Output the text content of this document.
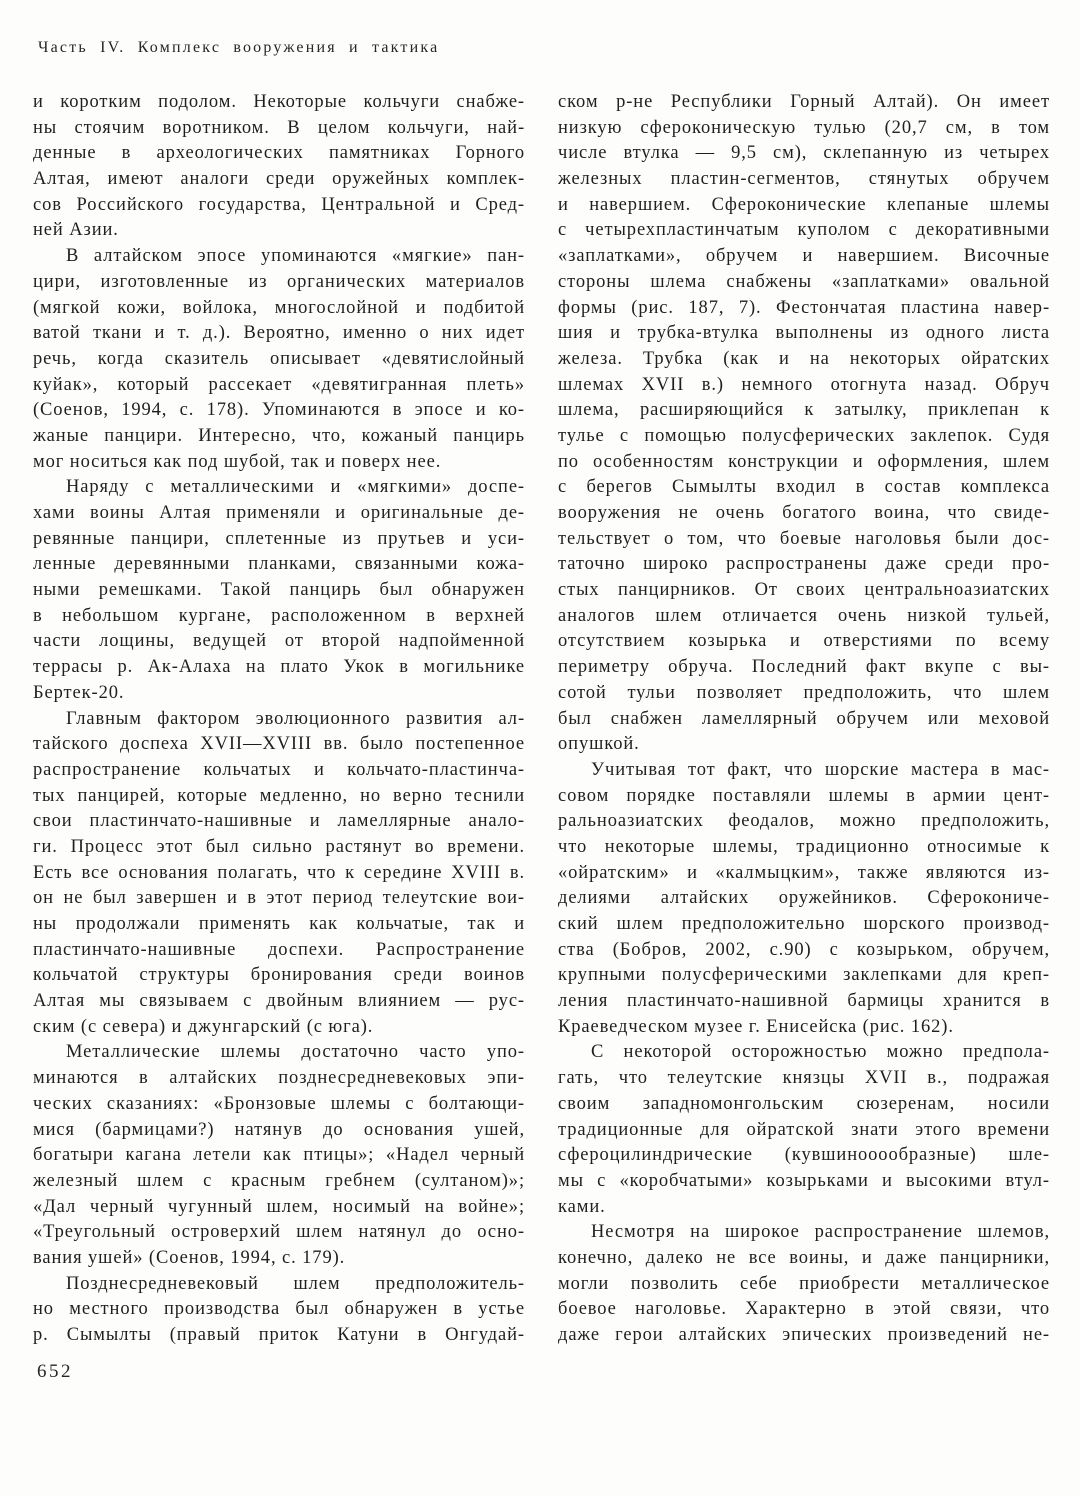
Часть IV. Комплекс вооружения и тактика
и коротким подолом. Некоторые кольчуги снабже-
ны стоячим воротником. В целом кольчуги, най-
денные в археологических памятниках Горного
Алтая, имеют аналоги среди оружейных комплек-
сов Российского государства, Центральной и Сред-
ней Азии.
В алтайском эпосе упоминаются «мягкие» пан-
цири, изготовленные из органических материалов
(мягкой кожи, войлока, многослойной и подбитой
ватой ткани и т. д.). Вероятно, именно о них идет
речь, когда сказитель описывает «девятислойный
куйак», который рассекает «девятигранная плеть»
(Соенов, 1994, с. 178). Упоминаются в эпосе и ко-
жаные панцири. Интересно, что, кожаный панцирь
мог носиться как под шубой, так и поверх нее.
Наряду с металлическими и «мягкими» доспе-
хами воины Алтая применяли и оригинальные де-
ревянные панцири, сплетенные из прутьев и уси-
ленные деревянными планками, связанными кожа-
ными ремешками. Такой панцирь был обнаружен
в небольшом кургане, расположенном в верхней
части лощины, ведущей от второй надпойменной
террасы р. Ак-Алаха на плато Укок в могильнике
Бертек-20.
Главным фактором эволюционного развития ал-
тайского доспеха XVII—XVIII вв. было постепенное
распространение кольчатых и кольчато-пластинча-
тых панцирей, которые медленно, но верно теснили
свои пластинчато-нашивные и ламеллярные анало-
ги. Процесс этот был сильно растянут во времени.
Есть все основания полагать, что к середине XVIII в.
он не был завершен и в этот период телеутские вои-
ны продолжали применять как кольчатые, так и
пластинчато-нашивные доспехи. Распространение
кольчатой структуры бронирования среди воинов
Алтая мы связываем с двойным влиянием — рус-
ским (с севера) и джунгарский (с юга).
Металлические шлемы достаточно часто упо-
минаются в алтайских позднесредневековых эпи-
ческих сказаниях: «Бронзовые шлемы с болтающи-
мися (бармицами?) натянув до основания ушей,
богатыри кагана летели как птицы»; «Надел черный
железный шлем с красным гребнем (султаном)»;
«Дал черный чугунный шлем, носимый на войне»;
«Треугольный островерхий шлем натянул до осно-
вания ушей» (Соенов, 1994, с. 179).
Позднесредневековый шлем предположитель-
но местного производства был обнаружен в устье
р. Сымылты (правый приток Катуни в Онгудай-
ском р-не Республики Горный Алтай). Он имеет
низкую сфероконическую тулью (20,7 см, в том
числе втулка — 9,5 см), склепанную из четырех
железных пластин-сегментов, стянутых обручем
и навершием. Сфероконические клепаные шлемы
с четырехпластинчатым куполом с декоративными
«заплатками», обручем и навершием. Височные
стороны шлема снабжены «заплатками» овальной
формы (рис. 187, 7). Фестончатая пластина навер-
шия и трубка-втулка выполнены из одного листа
железа. Трубка (как и на некоторых ойратских
шлемах XVII в.) немного отогнута назад. Обруч
шлема, расширяющийся к затылку, приклепан к
тулье с помощью полусферических заклепок. Судя
по особенностям конструкции и оформления, шлем
с берегов Сымылты входил в состав комплекса
вооружения не очень богатого воина, что свиде-
тельствует о том, что боевые наголовья были дос-
таточно широко распространены даже среди про-
стых панцирников. От своих центральноазиатских
аналогов шлем отличается очень низкой тульей,
отсутствием козырька и отверстиями по всему
периметру обруча. Последний факт вкупе с вы-
сотой тульи позволяет предположить, что шлем
был снабжен ламеллярный обручем или меховой
опушкой.
Учитывая тот факт, что шорские мастера в мас-
совом порядке поставляли шлемы в армии цент-
ральноазиатских феодалов, можно предположить,
что некоторые шлемы, традиционно относимые к
«ойратским» и «калмыцким», также являются из-
делиями алтайских оружейников. Сферокониче-
ский шлем предположительно шорского производ-
ства (Бобров, 2002, с.90) с козырьком, обручем,
крупными полусферическими заклепками для креп-
ления пластинчато-нашивной бармицы хранится в
Краеведческом музее г. Енисейска (рис. 162).
С некоторой осторожностью можно предпола-
гать, что телеутские князцы XVII в., подражая
своим западномонгольским сюзеренам, носили
традиционные для ойратской знати этого времени
сфероцилиндрические (кувшинооообразные) шле-
мы с «коробчатыми» козырьками и высокими втул-
ками.
Несмотря на широкое распространение шлемов,
конечно, далеко не все воины, и даже панцирники,
могли позволить себе приобрести металлическое
боевое наголовье. Характерно в этой связи, что
даже герои алтайских эпических произведений не-
652
